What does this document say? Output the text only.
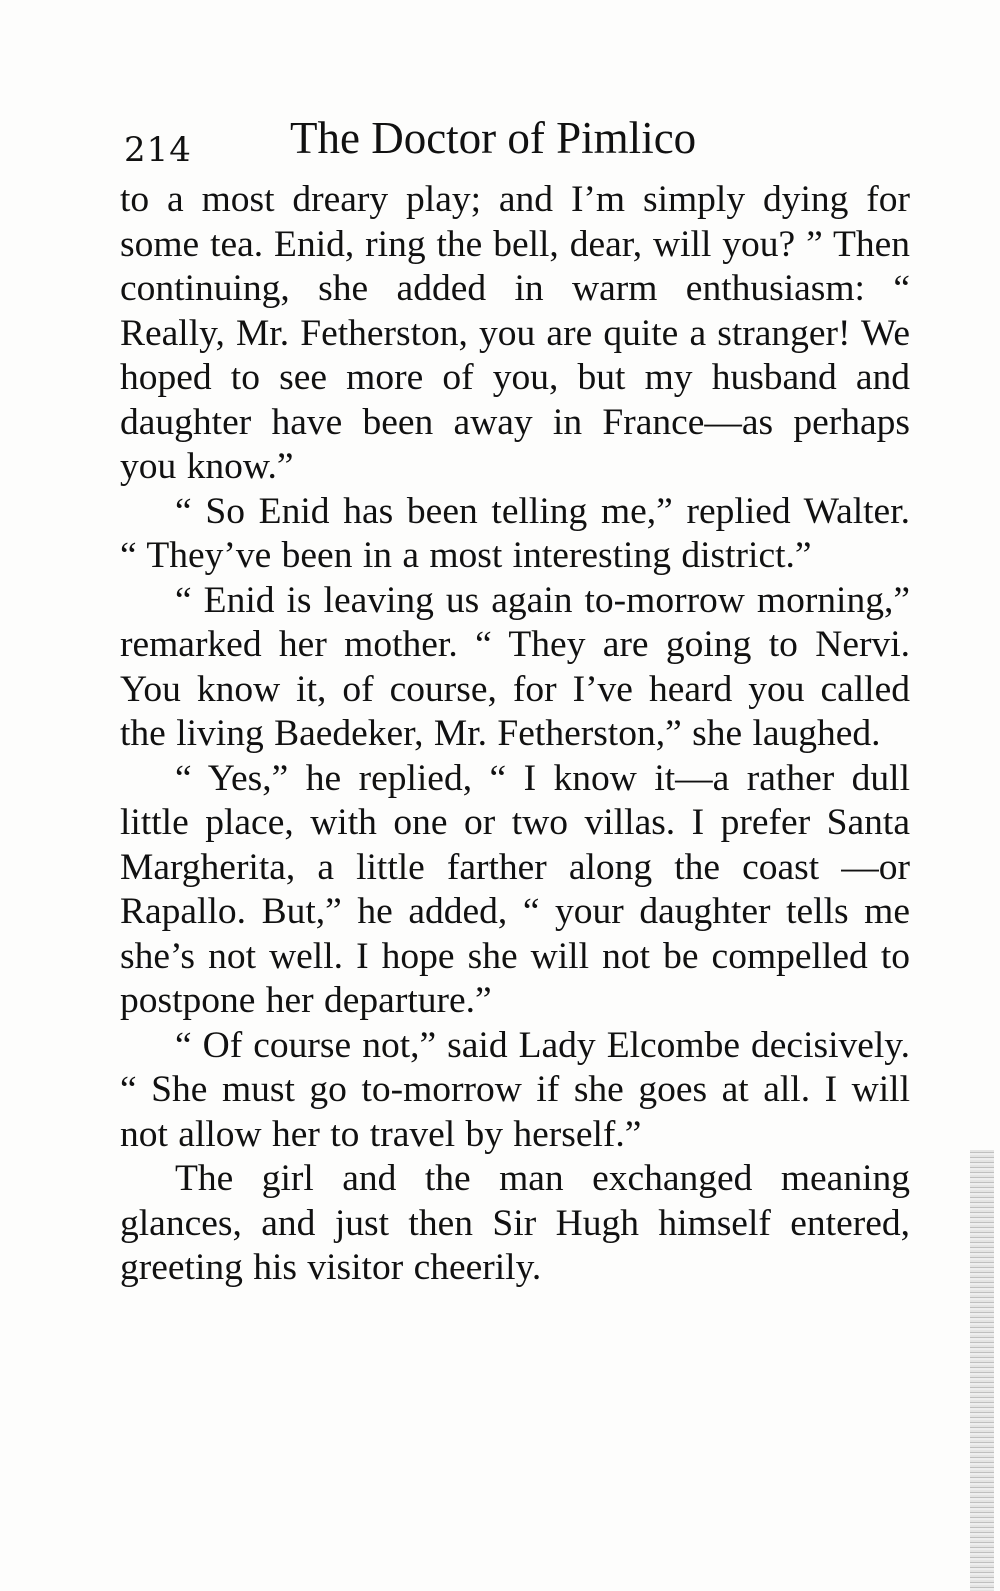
214 The Doctor of Pimlico

to a most dreary play; and I’m simply dying for some tea. Enid, ring the bell, dear, will you? ” Then continuing, she added in warm enthusiasm: “ Really, Mr. Fetherston, you are quite a stranger! We hoped to see more of you, but my husband and daughter have been away in France—as perhaps you know.”

“ So Enid has been telling me,” replied Walter. “ They’ve been in a most interesting district.”

“ Enid is leaving us again to-morrow morning,” remarked her mother. “ They are going to Nervi. You know it, of course, for I’ve heard you called the living Baedeker, Mr. Fetherston,” she laughed.

“ Yes,” he replied, “ I know it—a rather dull little place, with one or two villas. I prefer Santa Margherita, a little farther along the coast —or Rapallo. But,” he added, “ your daughter tells me she’s not well. I hope she will not be compelled to postpone her departure.”

“ Of course not,” said Lady Elcombe decisively. “ She must go to-morrow if she goes at all. I will not allow her to travel by herself.”

The girl and the man exchanged meaning glances, and just then Sir Hugh himself entered, greeting his visitor cheerily.
